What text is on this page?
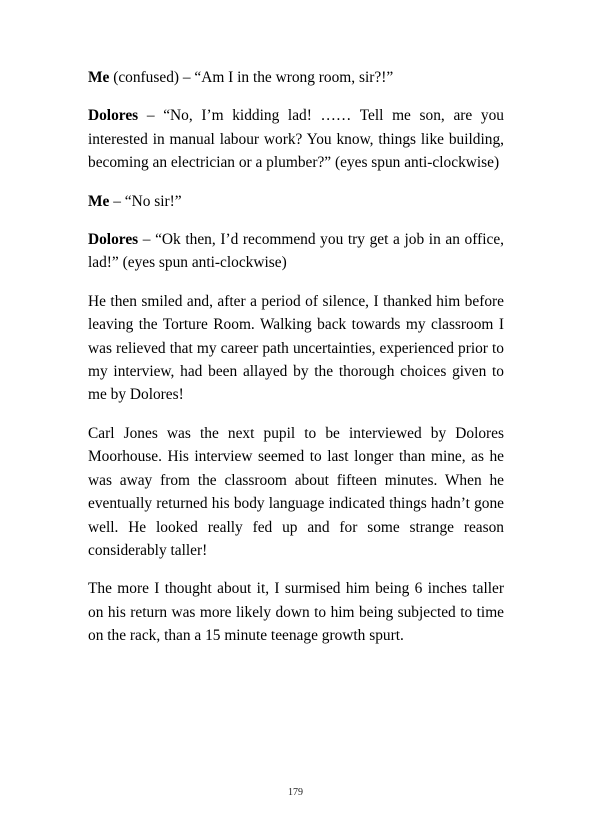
Me (confused) – “Am I in the wrong room, sir?!”

Dolores – “No, I’m kidding lad! …… Tell me son, are you interested in manual labour work? You know, things like building, becoming an electrician or a plumber?” (eyes spun anti-clockwise)

Me – “No sir!”

Dolores – “Ok then, I’d recommend you try get a job in an office, lad!” (eyes spun anti-clockwise)

He then smiled and, after a period of silence, I thanked him before leaving the Torture Room. Walking back towards my classroom I was relieved that my career path uncertainties, experienced prior to my interview, had been allayed by the thorough choices given to me by Dolores!

Carl Jones was the next pupil to be interviewed by Dolores Moorhouse. His interview seemed to last longer than mine, as he was away from the classroom about fifteen minutes. When he eventually returned his body language indicated things hadn’t gone well. He looked really fed up and for some strange reason considerably taller!

The more I thought about it, I surmised him being 6 inches taller on his return was more likely down to him being subjected to time on the rack, than a 15 minute teenage growth spurt.

179
